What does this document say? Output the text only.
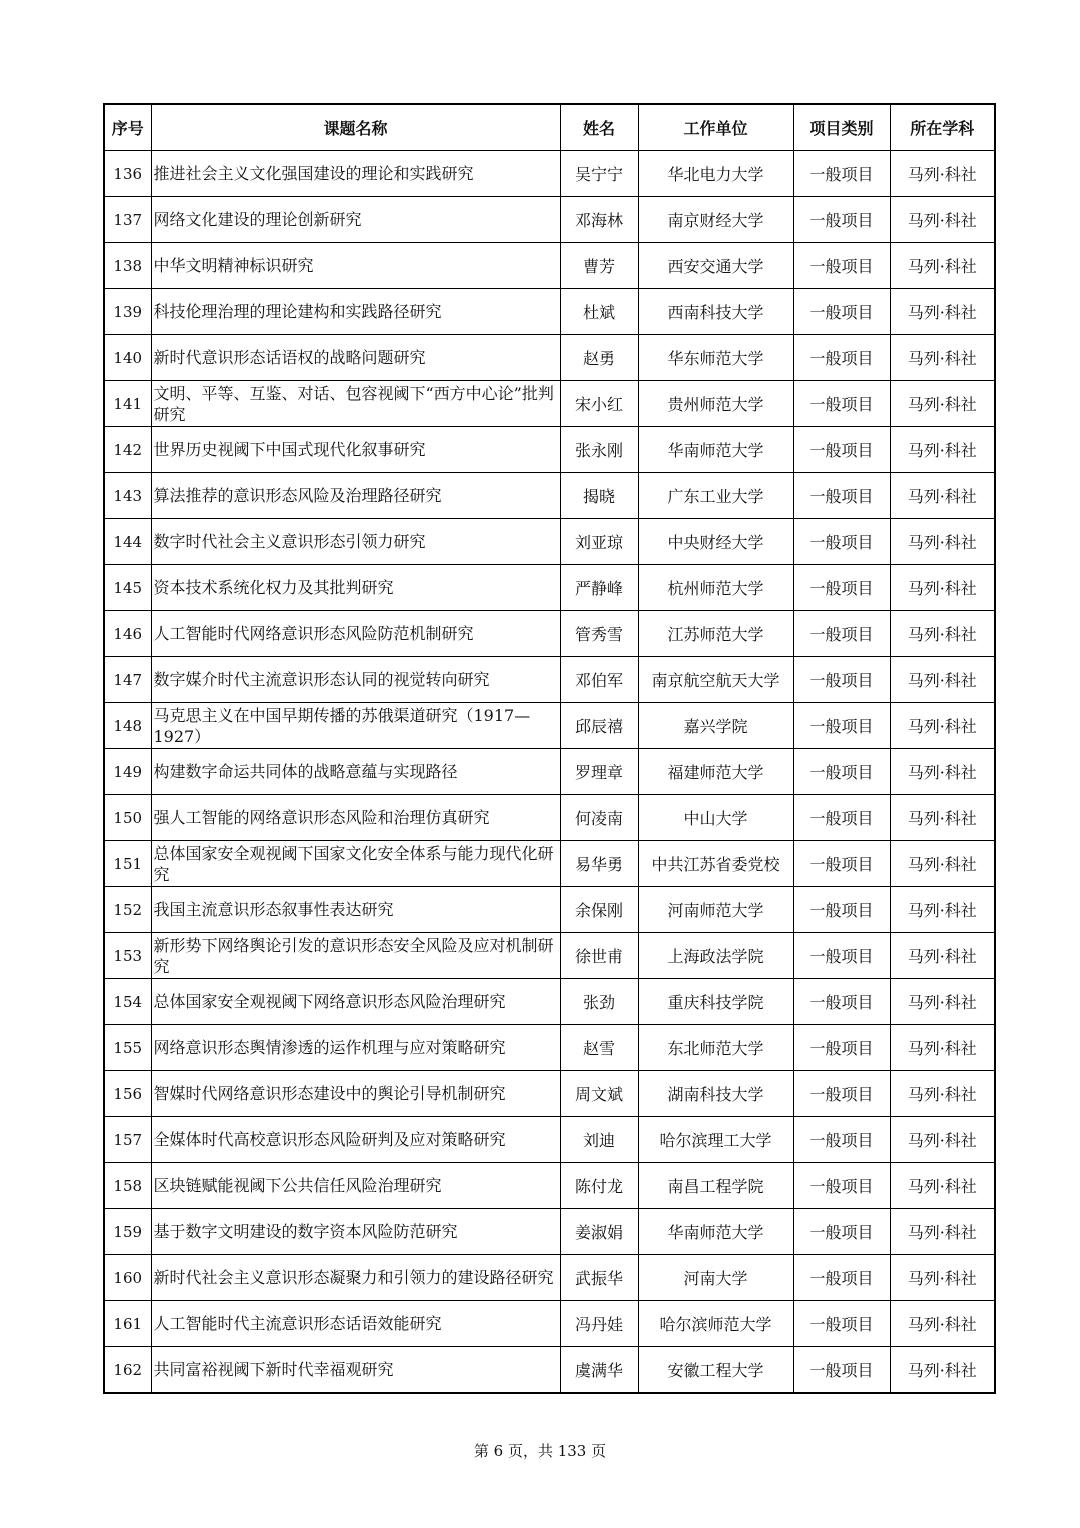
序号	课题名称	姓名	工作单位	项目类别	所在学科
136	推进社会主义文化强国建设的理论和实践研究	吴宁宁	华北电力大学	一般项目	马列·科社
137	网络文化建设的理论创新研究	邓海林	南京财经大学	一般项目	马列·科社
138	中华文明精神标识研究	曹芳	西安交通大学	一般项目	马列·科社
139	科技伦理治理的理论建构和实践路径研究	杜斌	西南科技大学	一般项目	马列·科社
140	新时代意识形态话语权的战略问题研究	赵勇	华东师范大学	一般项目	马列·科社
141	文明、平等、互鉴、对话、包容视阈下“西方中心论”批判研究	宋小红	贵州师范大学	一般项目	马列·科社
142	世界历史视阈下中国式现代化叙事研究	张永刚	华南师范大学	一般项目	马列·科社
143	算法推荐的意识形态风险及治理路径研究	揭晓	广东工业大学	一般项目	马列·科社
144	数字时代社会主义意识形态引领力研究	刘亚琼	中央财经大学	一般项目	马列·科社
145	资本技术系统化权力及其批判研究	严静峰	杭州师范大学	一般项目	马列·科社
146	人工智能时代网络意识形态风险防范机制研究	管秀雪	江苏师范大学	一般项目	马列·科社
147	数字媒介时代主流意识形态认同的视觉转向研究	邓伯军	南京航空航天大学	一般项目	马列·科社
148	马克思主义在中国早期传播的苏俄渠道研究（1917—1927）	邱辰禧	嘉兴学院	一般项目	马列·科社
149	构建数字命运共同体的战略意蕴与实现路径	罗理章	福建师范大学	一般项目	马列·科社
150	强人工智能的网络意识形态风险和治理仿真研究	何凌南	中山大学	一般项目	马列·科社
151	总体国家安全观视阈下国家文化安全体系与能力现代化研究	易华勇	中共江苏省委党校	一般项目	马列·科社
152	我国主流意识形态叙事性表达研究	余保刚	河南师范大学	一般项目	马列·科社
153	新形势下网络舆论引发的意识形态安全风险及应对机制研究	徐世甫	上海政法学院	一般项目	马列·科社
154	总体国家安全观视阈下网络意识形态风险治理研究	张劲	重庆科技学院	一般项目	马列·科社
155	网络意识形态舆情渗透的运作机理与应对策略研究	赵雪	东北师范大学	一般项目	马列·科社
156	智媒时代网络意识形态建设中的舆论引导机制研究	周文斌	湖南科技大学	一般项目	马列·科社
157	全媒体时代高校意识形态风险研判及应对策略研究	刘迪	哈尔滨理工大学	一般项目	马列·科社
158	区块链赋能视阈下公共信任风险治理研究	陈付龙	南昌工程学院	一般项目	马列·科社
159	基于数字文明建设的数字资本风险防范研究	姜淑娟	华南师范大学	一般项目	马列·科社
160	新时代社会主义意识形态凝聚力和引领力的建设路径研究	武振华	河南大学	一般项目	马列·科社
161	人工智能时代主流意识形态话语效能研究	冯丹娃	哈尔滨师范大学	一般项目	马列·科社
162	共同富裕视阈下新时代幸福观研究	虞满华	安徽工程大学	一般项目	马列·科社
第 6 页，共 133 页
